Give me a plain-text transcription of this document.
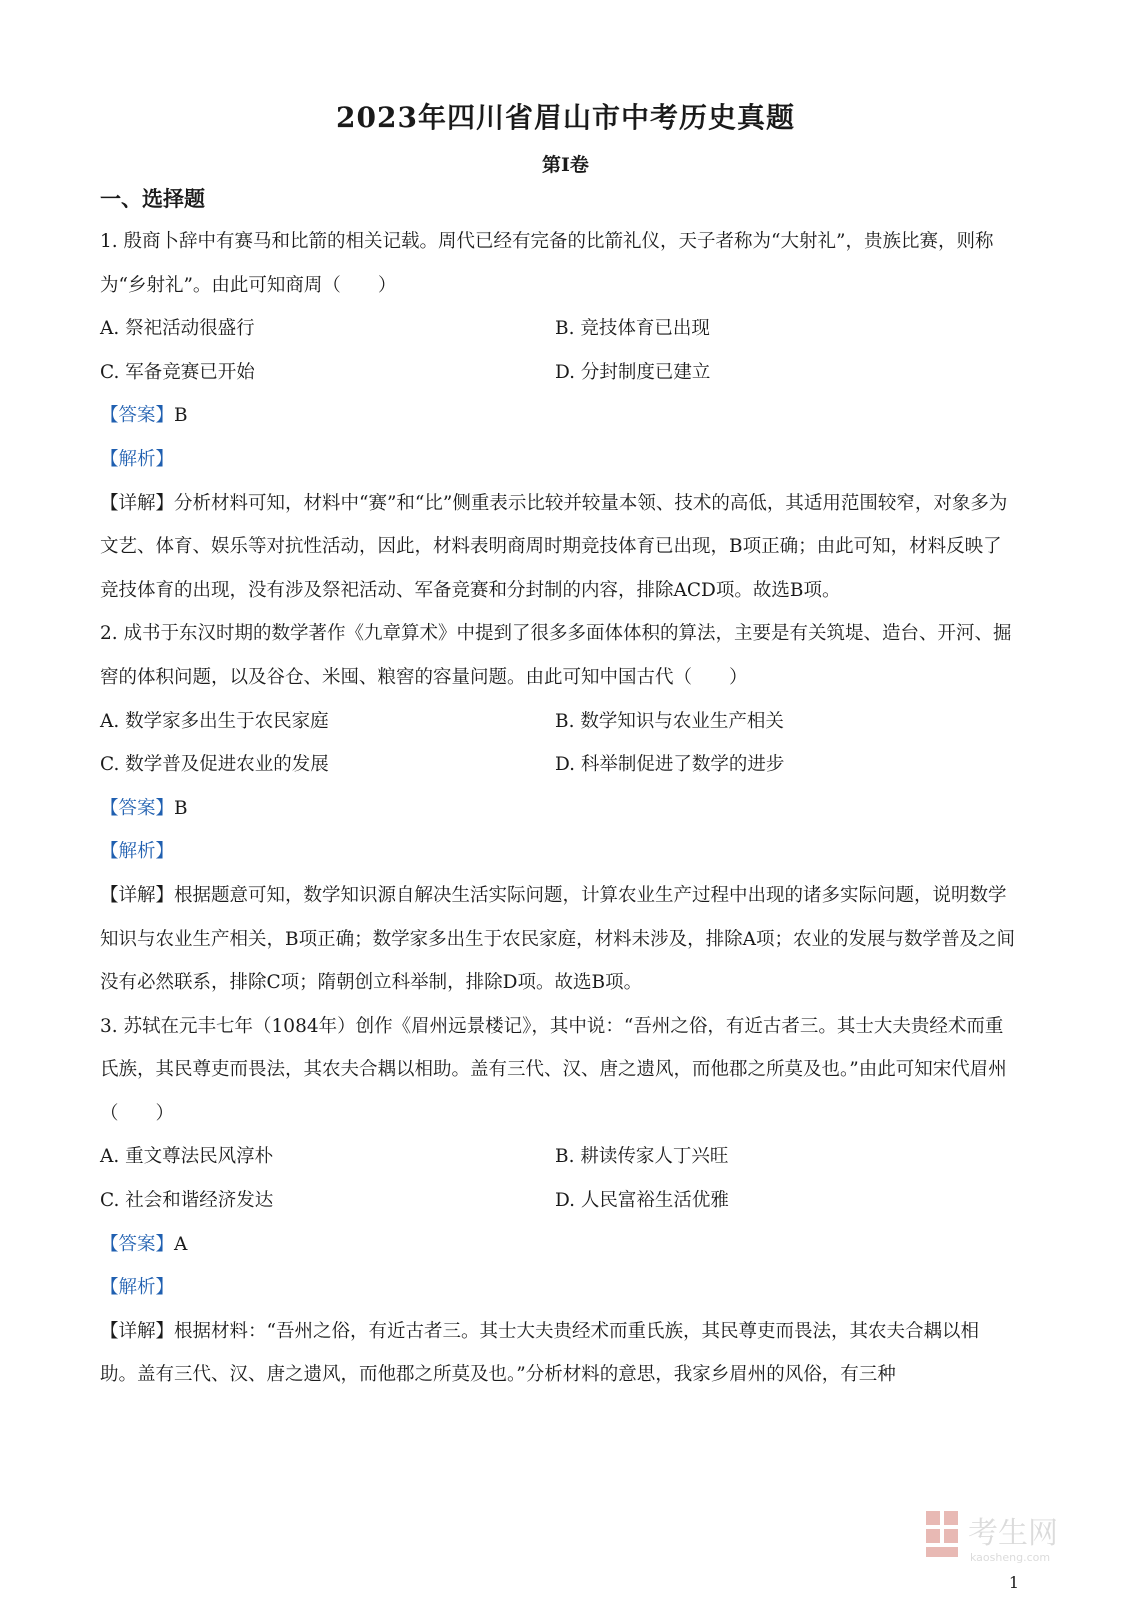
2023年四川省眉山市中考历史真题
第I卷
一、选择题

1. 殷商卜辞中有赛马和比箭的相关记载。周代已经有完备的比箭礼仪，天子者称为“大射礼”，贵族比赛，则称为“乡射礼”。由此可知商周（　　）

A. 祭祀活动很盛行	B. 竞技体育已出现
C. 军备竞赛已开始	D. 分封制度已建立

【答案】B

【解析】

【详解】分析材料可知，材料中“赛”和“比”侧重表示比较并较量本领、技术的高低，其适用范围较窄，对象多为文艺、体育、娱乐等对抗性活动，因此，材料表明商周时期竞技体育已出现，B项正确；由此可知，材料反映了竞技体育的出现，没有涉及祭祀活动、军备竞赛和分封制的内容，排除ACD项。故选B项。

2. 成书于东汉时期的数学著作《九章算术》中提到了很多多面体体积的算法，主要是有关筑堤、造台、开河、掘窖的体积问题，以及谷仓、米囤、粮窖的容量问题。由此可知中国古代（　　）

A. 数学家多出生于农民家庭	B. 数学知识与农业生产相关
C. 数学普及促进农业的发展	D. 科举制促进了数学的进步

【答案】B

【解析】

【详解】根据题意可知，数学知识源自解决生活实际问题，计算农业生产过程中出现的诸多实际问题，说明数学知识与农业生产相关，B项正确；数学家多出生于农民家庭，材料未涉及，排除A项；农业的发展与数学普及之间没有必然联系，排除C项；隋朝创立科举制，排除D项。故选B项。

3. 苏轼在元丰七年（1084年）创作《眉州远景楼记》，其中说：“吾州之俗，有近古者三。其士大夫贵经术而重氏族，其民尊吏而畏法，其农夫合耦以相助。盖有三代、汉、唐之遗风，而他郡之所莫及也。”由此可知宋代眉州（　　）

A. 重文尊法民风淳朴	B. 耕读传家人丁兴旺
C. 社会和谐经济发达	D. 人民富裕生活优雅

【答案】A

【解析】

【详解】根据材料：“吾州之俗，有近古者三。其士大夫贵经术而重氏族，其民尊吏而畏法，其农夫合耦以相助。盖有三代、汉、唐之遗风，而他郡之所莫及也。”分析材料的意思，我家乡眉州的风俗，有三种

考生网
kaosheng.com
1
